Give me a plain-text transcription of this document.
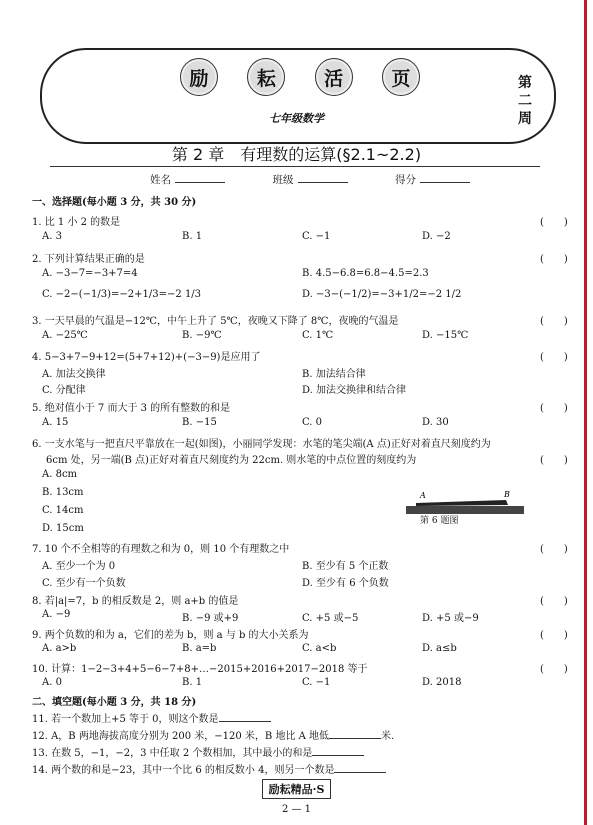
励	耘	活	页
七年级数学
第
二
周
第 2 章　有理数的运算(§2.1~2.2)
姓名	班级	得分
一、选择题(每小题 3 分，共 30 分)
1. 比 1 小 2 的数是	(　　)
A. 3	B. 1	C. −1	D. −2
2. 下列计算结果正确的是	(　　)
A. −3−7=−3+7=4	B. 4.5−6.8=6.8−4.5=2.3
C. −2−(−1/3)=−2+1/3=−2 1/3	D. −3−(−1/2)=−3+1/2=−2 1/2
3. 一天早晨的气温是−12℃，中午上升了 5℃，夜晚又下降了 8℃，夜晚的气温是	(　　)
A. −25℃	B. −9℃	C. 1℃	D. −15℃
4. 5−3+7−9+12=(5+7+12)+(−3−9)是应用了	(　　)
A. 加法交换律	B. 加法结合律
C. 分配律	D. 加法交换律和结合律
5. 绝对值小于 7 而大于 3 的所有整数的和是	(　　)
A. 15	B. −15	C. 0	D. 30
6. 一支水笔与一把直尺平靠放在一起(如图)，小丽同学发现：水笔的笔尖端(A 点)正好对着直尺刻度约为
6cm 处，另一端(B 点)正好对着直尺刻度约为 22cm. 则水笔的中点位置的刻度约为	(　　)
A. 8cm
B. 13cm
C. 14cm
D. 15cm
7. 10 个不全相等的有理数之和为 0，则 10 个有理数之中	(　　)
A. 至少一个为 0	B. 至少有 5 个正数
C. 至少有一个负数	D. 至少有 6 个负数
8. 若|a|=7，b 的相反数是 2，则 a+b 的值是	(　　)
A. −9	B. −9 或+9	C. +5 或−5	D. +5 或−9
9. 两个负数的和为 a，它们的差为 b，则 a 与 b 的大小关系为	(　　)
A. a>b	B. a=b	C. a<b	D. a≤b
10. 计算：1−2−3+4+5−6−7+8+…−2015+2016+2017−2018 等于	(　　)
A. 0	B. 1	C. −1	D. 2018
二、填空题(每小题 3 分，共 18 分)
11. 若一个数加上+5 等于 0，则这个数是
12. A，B 两地海拔高度分别为 200 米，−120 米，B 地比 A 地低	米.
13. 在数 5，−1，−2，3 中任取 2 个数相加，其中最小的和是
14. 两个数的和是−23，其中一个比 6 的相反数小 4，则另一个数是
A	B
第 6 题图
励耘精品·S
2 — 1
